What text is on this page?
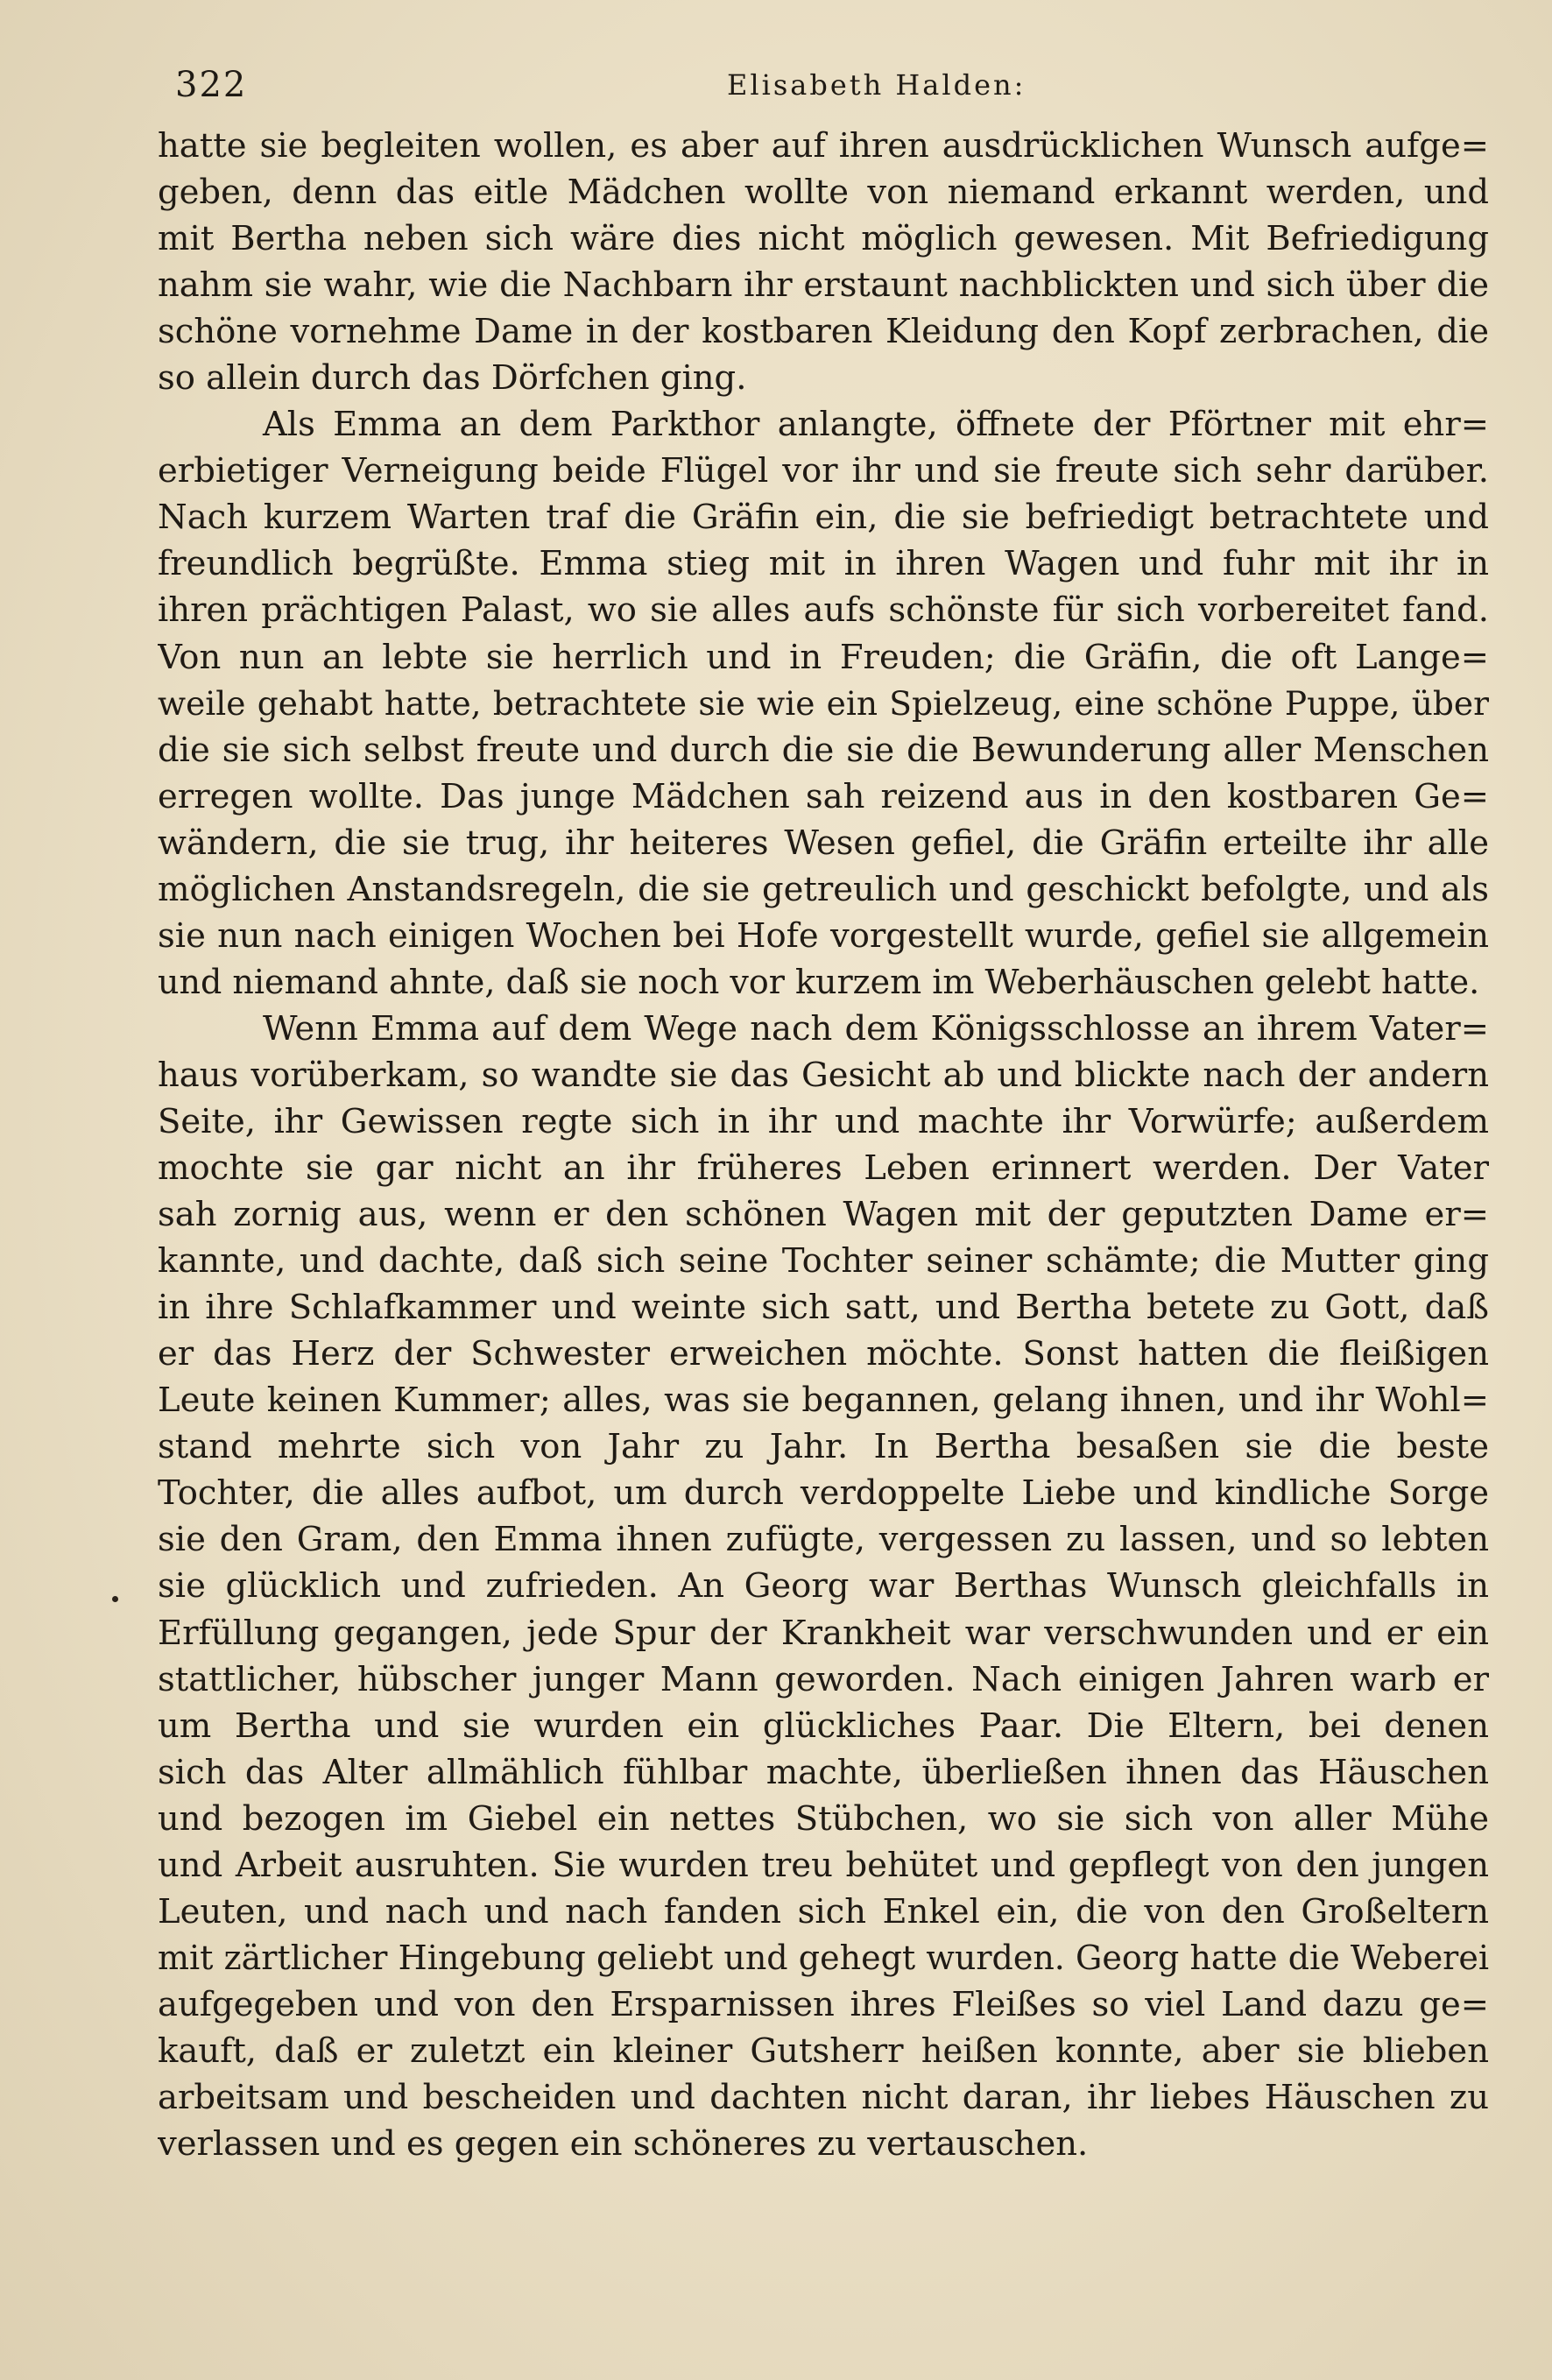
322	Elisabeth Halden:
hatte sie begleiten wollen, es aber auf ihren ausdrücklichen Wunsch aufge=
geben, denn das eitle Mädchen wollte von niemand erkannt werden, und
mit Bertha neben sich wäre dies nicht möglich gewesen. Mit Befriedigung
nahm sie wahr, wie die Nachbarn ihr erstaunt nachblickten und sich über die
schöne vornehme Dame in der kostbaren Kleidung den Kopf zerbrachen, die
so allein durch das Dörfchen ging.
Als Emma an dem Parkthor anlangte, öffnete der Pförtner mit ehr=
erbietiger Verneigung beide Flügel vor ihr und sie freute sich sehr darüber.
Nach kurzem Warten traf die Gräfin ein, die sie befriedigt betrachtete und
freundlich begrüßte. Emma stieg mit in ihren Wagen und fuhr mit ihr in
ihren prächtigen Palast, wo sie alles aufs schönste für sich vorbereitet fand.
Von nun an lebte sie herrlich und in Freuden; die Gräfin, die oft Lange=
weile gehabt hatte, betrachtete sie wie ein Spielzeug, eine schöne Puppe, über
die sie sich selbst freute und durch die sie die Bewunderung aller Menschen
erregen wollte. Das junge Mädchen sah reizend aus in den kostbaren Ge=
wändern, die sie trug, ihr heiteres Wesen gefiel, die Gräfin erteilte ihr alle
möglichen Anstandsregeln, die sie getreulich und geschickt befolgte, und als
sie nun nach einigen Wochen bei Hofe vorgestellt wurde, gefiel sie allgemein
und niemand ahnte, daß sie noch vor kurzem im Weberhäuschen gelebt hatte.
Wenn Emma auf dem Wege nach dem Königsschlosse an ihrem Vater=
haus vorüberkam, so wandte sie das Gesicht ab und blickte nach der andern
Seite, ihr Gewissen regte sich in ihr und machte ihr Vorwürfe; außerdem
mochte sie gar nicht an ihr früheres Leben erinnert werden. Der Vater
sah zornig aus, wenn er den schönen Wagen mit der geputzten Dame er=
kannte, und dachte, daß sich seine Tochter seiner schämte; die Mutter ging
in ihre Schlafkammer und weinte sich satt, und Bertha betete zu Gott, daß
er das Herz der Schwester erweichen möchte. Sonst hatten die fleißigen
Leute keinen Kummer; alles, was sie begannen, gelang ihnen, und ihr Wohl=
stand mehrte sich von Jahr zu Jahr. In Bertha besaßen sie die beste
Tochter, die alles aufbot, um durch verdoppelte Liebe und kindliche Sorge
sie den Gram, den Emma ihnen zufügte, vergessen zu lassen, und so lebten
sie glücklich und zufrieden. An Georg war Berthas Wunsch gleichfalls in
Erfüllung gegangen, jede Spur der Krankheit war verschwunden und er ein
stattlicher, hübscher junger Mann geworden. Nach einigen Jahren warb er
um Bertha und sie wurden ein glückliches Paar. Die Eltern, bei denen
sich das Alter allmählich fühlbar machte, überließen ihnen das Häuschen
und bezogen im Giebel ein nettes Stübchen, wo sie sich von aller Mühe
und Arbeit ausruhten. Sie wurden treu behütet und gepflegt von den jungen
Leuten, und nach und nach fanden sich Enkel ein, die von den Großeltern
mit zärtlicher Hingebung geliebt und gehegt wurden. Georg hatte die Weberei
aufgegeben und von den Ersparnissen ihres Fleißes so viel Land dazu ge=
kauft, daß er zuletzt ein kleiner Gutsherr heißen konnte, aber sie blieben
arbeitsam und bescheiden und dachten nicht daran, ihr liebes Häuschen zu
verlassen und es gegen ein schöneres zu vertauschen.
